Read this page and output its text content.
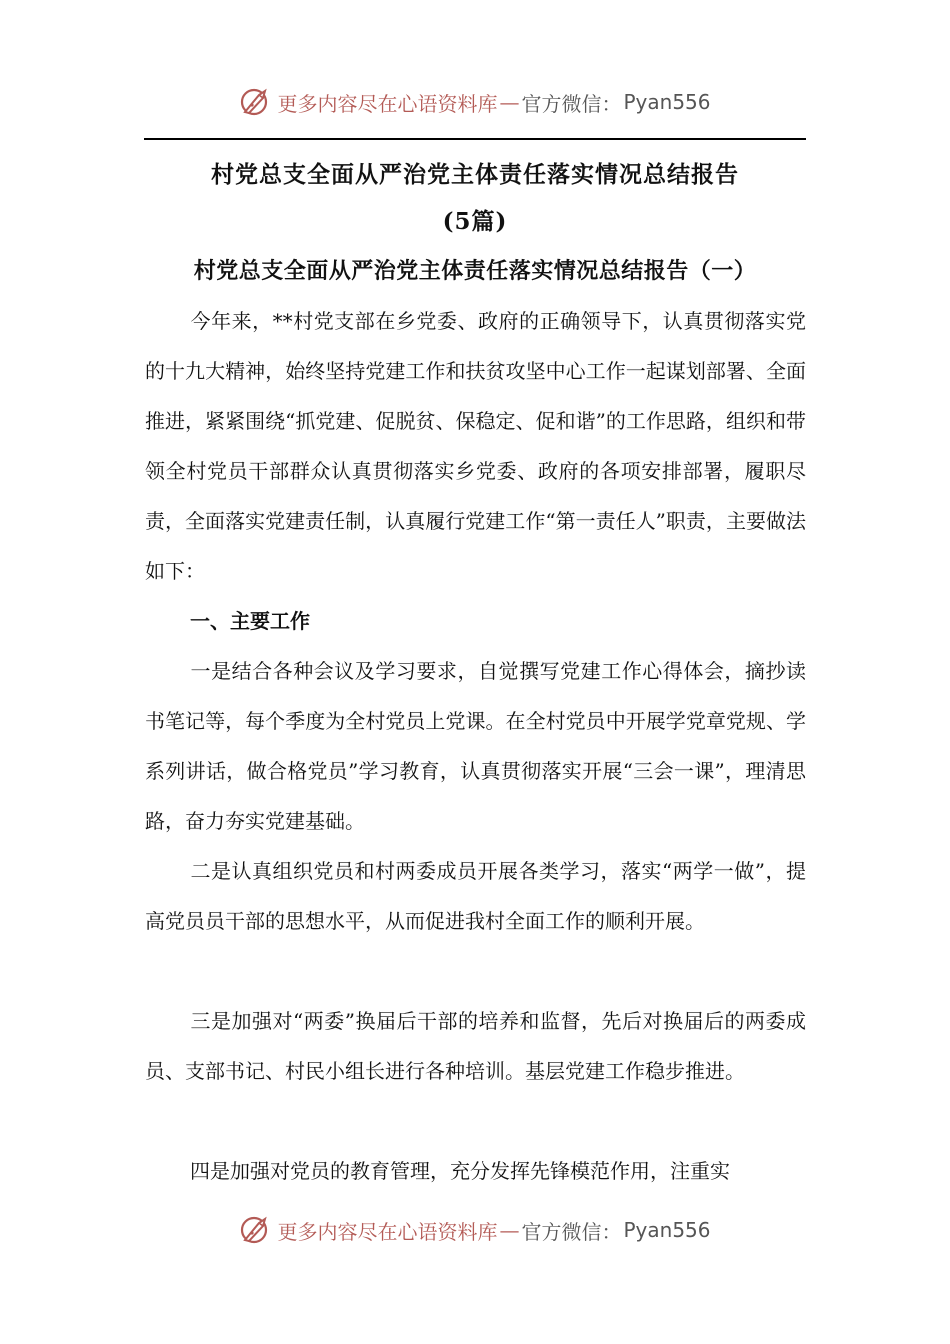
更多内容尽在心语资料库 — 官方微信： Pyan556
村党总支全面从严治党主体责任落实情况总结报告
(5篇)
村党总支全面从严治党主体责任落实情况总结报告（一）

今年来，**村党支部在乡党委、政府的正确领导下，认真贯彻落实党的十九大精神，始终坚持党建工作和扶贫攻坚中心工作一起谋划部署、全面推进，紧紧围绕“抓党建、促脱贫、保稳定、促和谐”的工作思路，组织和带领全村党员干部群众认真贯彻落实乡党委、政府的各项安排部署，履职尽责，全面落实党建责任制，认真履行党建工作“第一责任人”职责，主要做法如下：

一、主要工作

一是结合各种会议及学习要求，自觉撰写党建工作心得体会，摘抄读书笔记等，每个季度为全村党员上党课。在全村党员中开展学党章党规、学系列讲话，做合格党员”学习教育，认真贯彻落实开展“三会一课”，理清思路，奋力夯实党建基础。

二是认真组织党员和村两委成员开展各类学习，落实“两学一做”，提高党员员干部的思想水平，从而促进我村全面工作的顺利开展。

三是加强对“两委”换届后干部的培养和监督，先后对换届后的两委成员、支部书记、村民小组长进行各种培训。基层党建工作稳步推进。

四是加强对党员的教育管理，充分发挥先锋模范作用，注重实

更多内容尽在心语资料库 — 官方微信： Pyan556
